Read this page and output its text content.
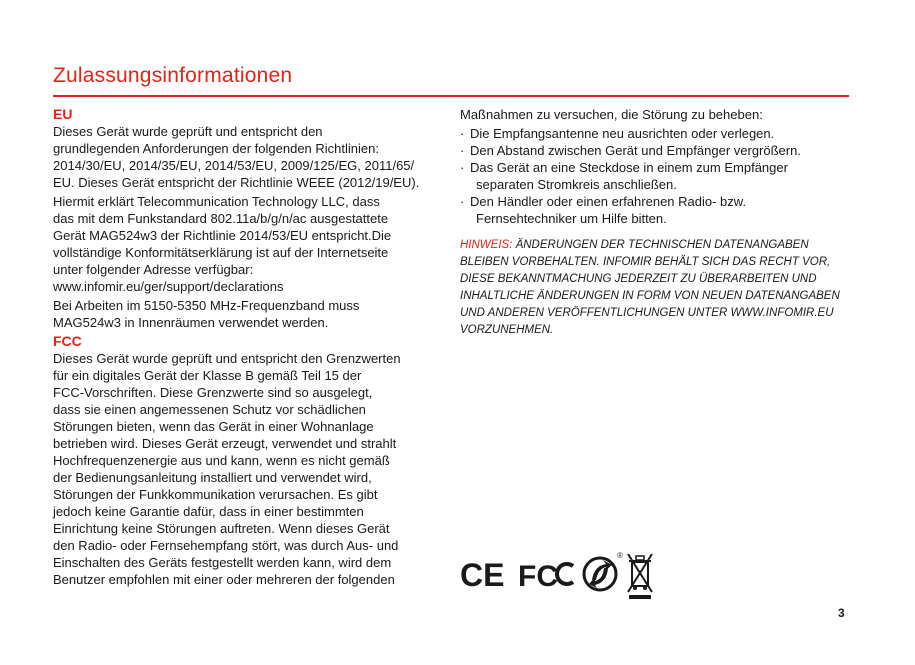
Zulassungsinformationen
EU
Dieses Gerät wurde geprüft und entspricht den
grundlegenden Anforderungen der folgenden Richtlinien:
2014/30/EU, 2014/35/EU, 2014/53/EU, 2009/125/EG, 2011/65/
EU. Dieses Gerät entspricht der Richtlinie WEEE (2012/19/EU).
Hiermit erklärt Telecommunication Technology LLC, dass
das mit dem Funkstandard 802.11a/b/g/n/ac ausgestattete
Gerät MAG524w3 der Richtlinie 2014/53/EU entspricht.Die
vollständige Konformitätserklärung ist auf der Internetseite
unter folgender Adresse verfügbar:
www.infomir.eu/ger/support/declarations
Bei Arbeiten im 5150-5350 MHz-Frequenzband muss
MAG524w3 in Innenräumen verwendet werden.
FCC
Dieses Gerät wurde geprüft und entspricht den Grenzwerten
für ein digitales Gerät der Klasse B gemäß Teil 15 der
FCC-Vorschriften. Diese Grenzwerte sind so ausgelegt,
dass sie einen angemessenen Schutz vor schädlichen
Störungen bieten, wenn das Gerät in einer Wohnanlage
betrieben wird. Dieses Gerät erzeugt, verwendet und strahlt
Hochfrequenzenergie aus und kann, wenn es nicht gemäß
der Bedienungsanleitung installiert und verwendet wird,
Störungen der Funkkommunikation verursachen. Es gibt
jedoch keine Garantie dafür, dass in einer bestimmten
Einrichtung keine Störungen auftreten. Wenn dieses Gerät
den Radio- oder Fernsehempfang stört, was durch Aus- und
Einschalten des Geräts festgestellt werden kann, wird dem
Benutzer empfohlen mit einer oder mehreren der folgenden
Maßnahmen zu versuchen, die Störung zu beheben:
· Die Empfangsantenne neu ausrichten oder verlegen.
· Den Abstand zwischen Gerät und Empfänger vergrößern.
· Das Gerät an eine Steckdose in einem zum Empfänger
separaten Stromkreis anschließen.
· Den Händler oder einen erfahrenen Radio- bzw.
Fernsehtechniker um Hilfe bitten.
HINWEIS: ÄNDERUNGEN DER TECHNISCHEN DATENANGABEN
BLEIBEN VORBEHALTEN. INFOMIR BEHÄLT SICH DAS RECHT VOR,
DIESE BEKANNTMACHUNG JEDERZEIT ZU ÜBERARBEITEN UND
INHALTLICHE ÄNDERUNGEN IN FORM VON NEUEN DATENANGABEN
UND ANDEREN VERÖFFENTLICHUNGEN UNTER WWW.INFOMIR.EU
VORZUNEHMEN.
CE FC
®
3
